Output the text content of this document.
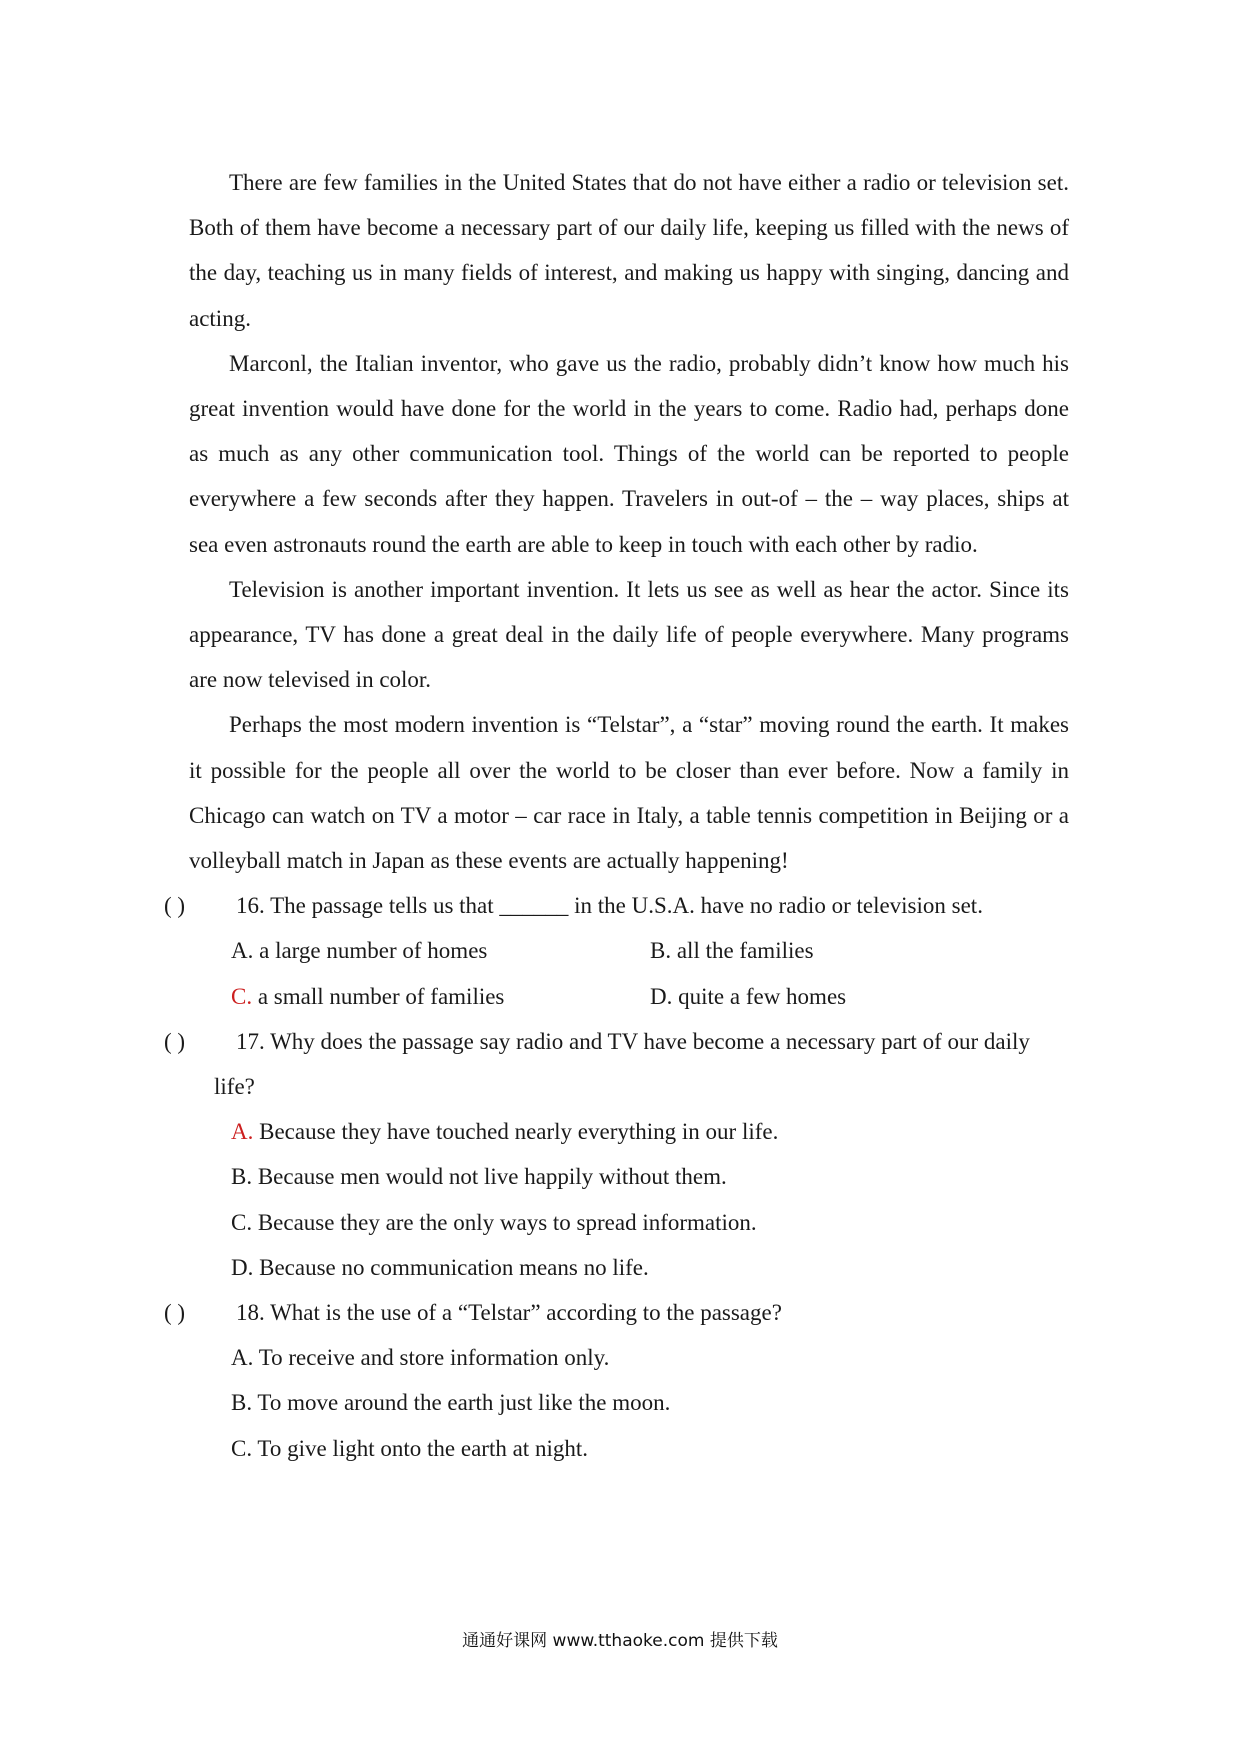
There are few families in the United States that do not have either a radio or television set. Both of them have become a necessary part of our daily life, keeping us filled with the news of the day, teaching us in many fields of interest, and making us happy with singing, dancing and acting.

Marconl, the Italian inventor, who gave us the radio, probably didn’t know how much his great invention would have done for the world in the years to come. Radio had, perhaps done as much as any other communication tool. Things of the world can be reported to people everywhere a few seconds after they happen. Travelers in out-of – the – way places, ships at sea even astronauts round the earth are able to keep in touch with each other by radio.

Television is another important invention. It lets us see as well as hear the actor. Since its appearance, TV has done a great deal in the daily life of people everywhere. Many programs are now televised in color.

Perhaps the most modern invention is “Telstar”, a “star” moving round the earth. It makes it possible for the people all over the world to be closer than ever before. Now a family in Chicago can watch on TV a motor – car race in Italy, a table tennis competition in Beijing or a volleyball match in Japan as these events are actually happening!

( ) 16. The passage tells us that ______ in the U.S.A. have no radio or television set.

A. a large number of homes	B. all the families
C. a small number of families	D. quite a few homes

( ) 17. Why does the passage say radio and TV have become a necessary part of our daily life?

A. Because they have touched nearly everything in our life.
B. Because men would not live happily without them.
C. Because they are the only ways to spread information.
D. Because no communication means no life.

( ) 18. What is the use of a “Telstar” according to the passage?

A. To receive and store information only.
B. To move around the earth just like the moon.
C. To give light onto the earth at night.
通通好课网 www.tthaoke.com 提供下载
